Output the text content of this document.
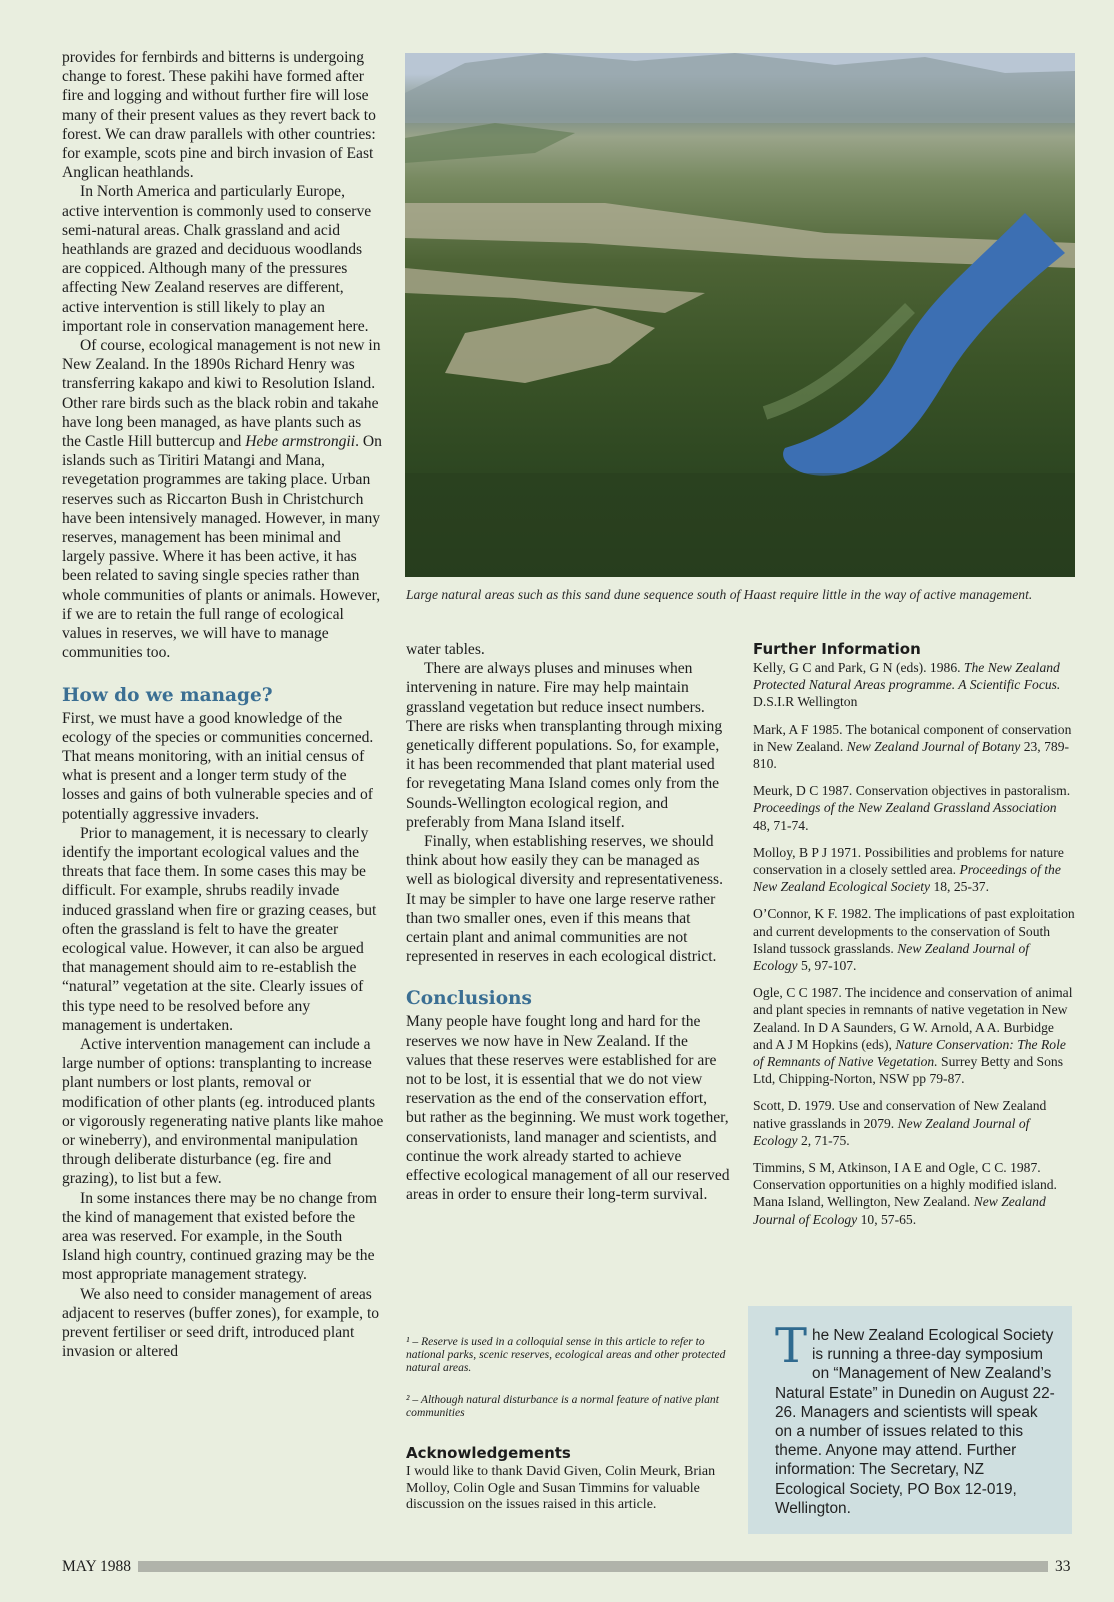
provides for fernbirds and bitterns is undergoing change to forest. These pakihi have formed after fire and logging and without further fire will lose many of their present values as they revert back to forest. We can draw parallels with other countries: for example, scots pine and birch invasion of East Anglican heathlands.

In North America and particularly Europe, active intervention is commonly used to conserve semi-natural areas. Chalk grassland and acid heathlands are grazed and deciduous woodlands are coppiced. Although many of the pressures affecting New Zealand reserves are different, active intervention is still likely to play an important role in conservation management here.

Of course, ecological management is not new in New Zealand. In the 1890s Richard Henry was transferring kakapo and kiwi to Resolution Island. Other rare birds such as the black robin and takahe have long been managed, as have plants such as the Castle Hill buttercup and Hebe armstrongii. On islands such as Tiritiri Matangi and Mana, revegetation programmes are taking place. Urban reserves such as Riccarton Bush in Christchurch have been intensively managed. However, in many reserves, management has been minimal and largely passive. Where it has been active, it has been related to saving single species rather than whole communities of plants or animals. However, if we are to retain the full range of ecological values in reserves, we will have to manage communities too.

How do we manage?

First, we must have a good knowledge of the ecology of the species or communities concerned. That means monitoring, with an initial census of what is present and a longer term study of the losses and gains of both vulnerable species and of potentially aggressive invaders.

Prior to management, it is necessary to clearly identify the important ecological values and the threats that face them. In some cases this may be difficult. For example, shrubs readily invade induced grassland when fire or grazing ceases, but often the grassland is felt to have the greater ecological value. However, it can also be argued that management should aim to re-establish the “natural” vegetation at the site. Clearly issues of this type need to be resolved before any management is undertaken.

Active intervention management can include a large number of options: transplanting to increase plant numbers or lost plants, removal or modification of other plants (eg. introduced plants or vigorously regenerating native plants like mahoe or wineberry), and environmental manipulation through deliberate disturbance (eg. fire and grazing), to list but a few.

In some instances there may be no change from the kind of management that existed before the area was reserved. For example, in the South Island high country, continued grazing may be the most appropriate management strategy.

We also need to consider management of areas adjacent to reserves (buffer zones), for example, to prevent fertiliser or seed drift, introduced plant invasion or altered

Large natural areas such as this sand dune sequence south of Haast require little in the way of active management.

water tables.

There are always pluses and minuses when intervening in nature. Fire may help maintain grassland vegetation but reduce insect numbers. There are risks when transplanting through mixing genetically different populations. So, for example, it has been recommended that plant material used for revegetating Mana Island comes only from the Sounds-Wellington ecological region, and preferably from Mana Island itself.

Finally, when establishing reserves, we should think about how easily they can be managed as well as biological diversity and representativeness. It may be simpler to have one large reserve rather than two smaller ones, even if this means that certain plant and animal communities are not represented in reserves in each ecological district.

Conclusions

Many people have fought long and hard for the reserves we now have in New Zealand. If the values that these reserves were established for are not to be lost, it is essential that we do not view reservation as the end of the conservation effort, but rather as the beginning. We must work together, conservationists, land manager and scientists, and continue the work already started to achieve effective ecological management of all our reserved areas in order to ensure their long-term survival.

¹ – Reserve is used in a colloquial sense in this article to refer to national parks, scenic reserves, ecological areas and other protected natural areas.

² – Although natural disturbance is a normal feature of native plant communities

Acknowledgements

I would like to thank David Given, Colin Meurk, Brian Molloy, Colin Ogle and Susan Timmins for valuable discussion on the issues raised in this article.

Further Information
Kelly, G C and Park, G N (eds). 1986. The New Zealand Protected Natural Areas programme. A Scientific Focus. D.S.I.R Wellington
Mark, A F 1985. The botanical component of conservation in New Zealand. New Zealand Journal of Botany 23, 789-810.
Meurk, D C 1987. Conservation objectives in pastoralism. Proceedings of the New Zealand Grassland Association 48, 71-74.
Molloy, B P J 1971. Possibilities and problems for nature conservation in a closely settled area. Proceedings of the New Zealand Ecological Society 18, 25-37.
O’Connor, K F. 1982. The implications of past exploitation and current developments to the conservation of South Island tussock grasslands. New Zealand Journal of Ecology 5, 97-107.
Ogle, C C 1987. The incidence and conservation of animal and plant species in remnants of native vegetation in New Zealand. In D A Saunders, G W. Arnold, A A. Burbidge and A J M Hopkins (eds), Nature Conservation: The Role of Remnants of Native Vegetation. Surrey Betty and Sons Ltd, Chipping-Norton, NSW pp 79-87.
Scott, D. 1979. Use and conservation of New Zealand native grasslands in 2079. New Zealand Journal of Ecology 2, 71-75.
Timmins, S M, Atkinson, I A E and Ogle, C C. 1987. Conservation opportunities on a highly modified island. Mana Island, Wellington, New Zealand. New Zealand Journal of Ecology 10, 57-65.
T he New Zealand Ecological Society is running a three-day symposium on “Management of New Zealand’s Natural Estate” in Dunedin on August 22-26. Managers and scientists will speak on a number of issues related to this theme. Anyone may attend. Further information: The Secretary, NZ Ecological Society, PO Box 12-019, Wellington.

MAY 1988	33
